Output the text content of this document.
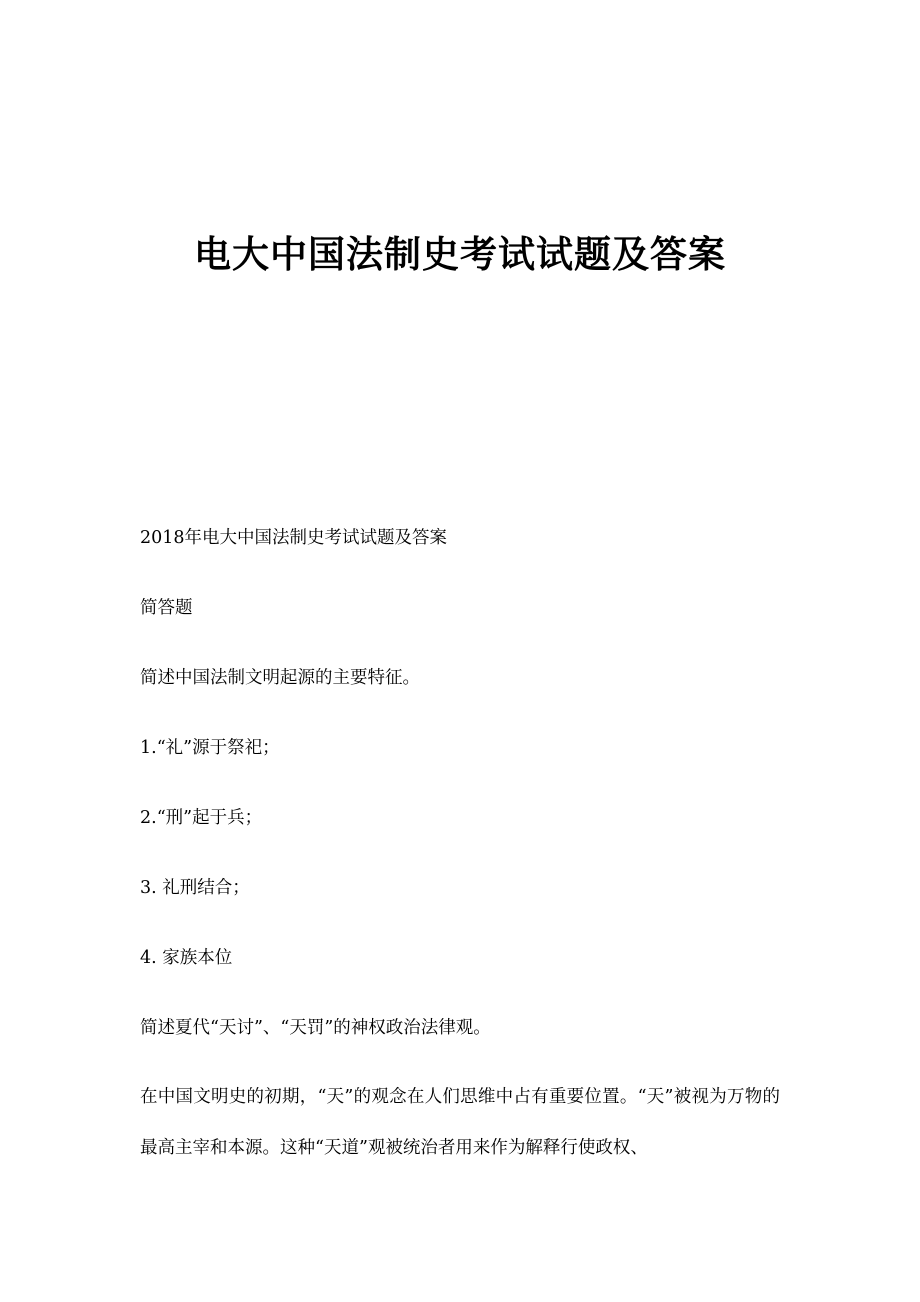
电大中国法制史考试试题及答案

2018年电大中国法制史考试试题及答案

简答题

简述中国法制文明起源的主要特征。

1.“礼”源于祭祀；

2.“刑”起于兵；

3. 礼刑结合；

4. 家族本位

简述夏代“天讨”、“天罚”的神权政治法律观。

在中国文明史的初期，“天”的观念在人们思维中占有重要位置。“天”被视为万物的最高主宰和本源。这种“天道”观被统治者用来作为解释行使政权、
